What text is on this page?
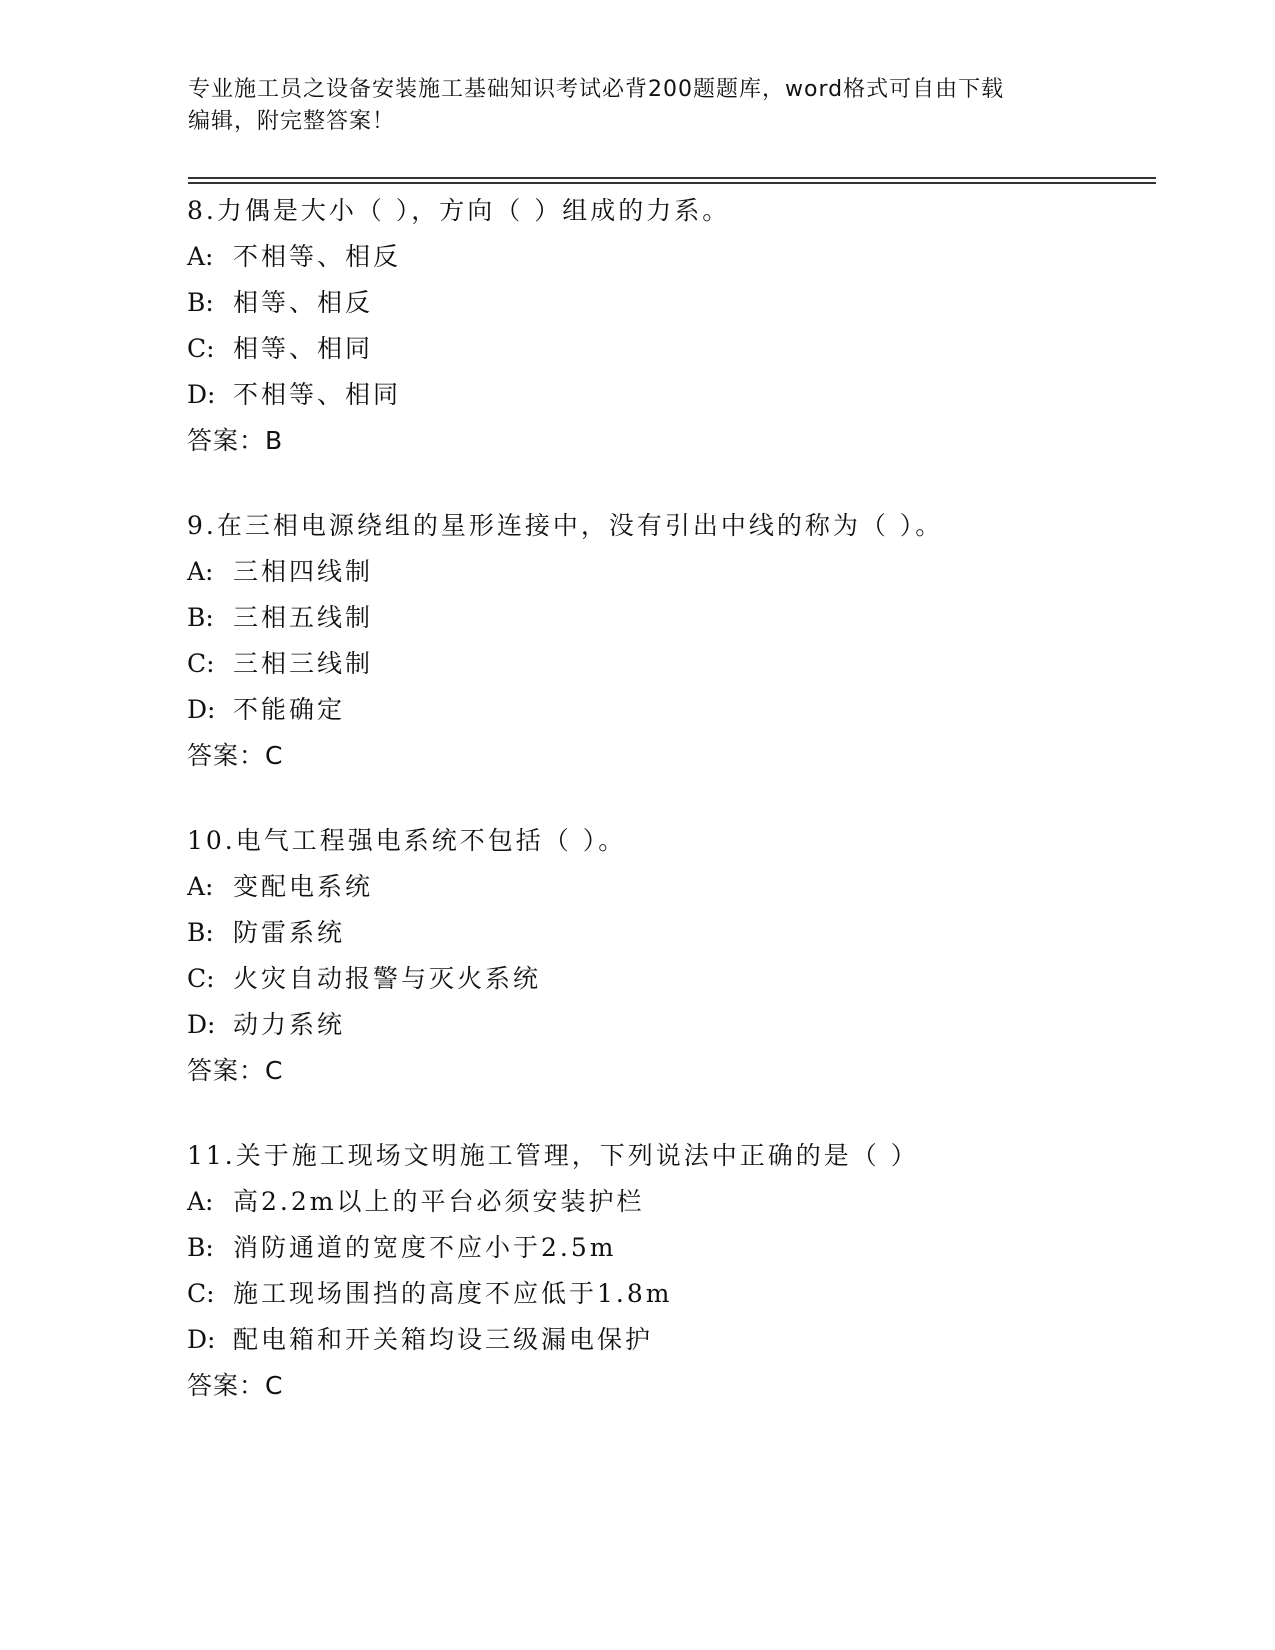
专业施工员之设备安装施工基础知识考试必背200题题库，word格式可自由下载
编辑，附完整答案！
8.力偶是大小（ ），方向（ ）组成的力系。
A: 不相等、相反
B: 相等、相反
C: 相等、相同
D: 不相等、相同
答案：B
9.在三相电源绕组的星形连接中，没有引出中线的称为（ ）。
A: 三相四线制
B: 三相五线制
C: 三相三线制
D: 不能确定
答案：C
10.电气工程强电系统不包括（ ）。
A: 变配电系统
B: 防雷系统
C: 火灾自动报警与灭火系统
D: 动力系统
答案：C
11.关于施工现场文明施工管理，下列说法中正确的是（ ）
A: 高2.2m以上的平台必须安装护栏
B: 消防通道的宽度不应小于2.5m
C: 施工现场围挡的高度不应低于1.8m
D: 配电箱和开关箱均设三级漏电保护
答案：C
